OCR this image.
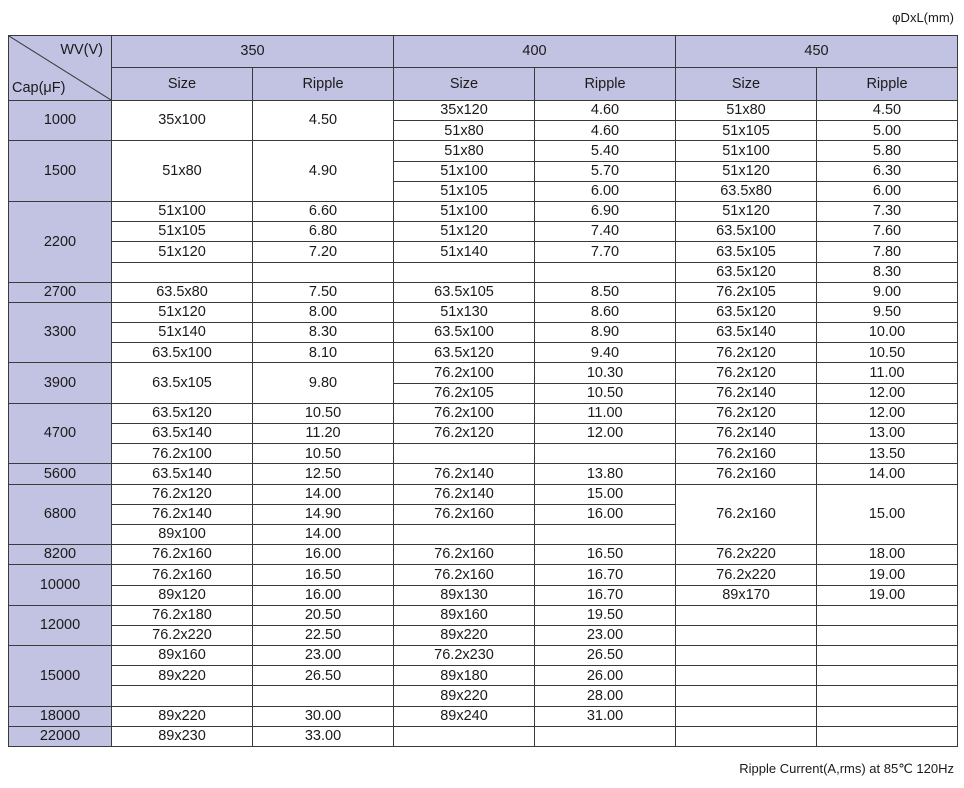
φDxL(mm)
WV(V)
Cap(μF)	350		400		450	
	Size	Ripple	Size	Ripple	Size	Ripple
1000	35x100	4.50	35x120	4.60	51x80	4.50
			51x80	4.60	51x105	5.00
1500	51x80	4.90	51x80	5.40	51x100	5.80
			51x100	5.70	51x120	6.30
			51x105	6.00	63.5x80	6.00
2200	51x100	6.60	51x100	6.90	51x120	7.30
	51x105	6.80	51x120	7.40	63.5x100	7.60
	51x120	7.20	51x140	7.70	63.5x105	7.80
					63.5x120	8.30
2700	63.5x80	7.50	63.5x105	8.50	76.2x105	9.00
3300	51x120	8.00	51x130	8.60	63.5x120	9.50
	51x140	8.30	63.5x100	8.90	63.5x140	10.00
	63.5x100	8.10	63.5x120	9.40	76.2x120	10.50
3900	63.5x105	9.80	76.2x100	10.30	76.2x120	11.00
			76.2x105	10.50	76.2x140	12.00
4700	63.5x120	10.50	76.2x100	11.00	76.2x120	12.00
	63.5x140	11.20	76.2x120	12.00	76.2x140	13.00
	76.2x100	10.50			76.2x160	13.50
5600	63.5x140	12.50	76.2x140	13.80	76.2x160	14.00
6800	76.2x120	14.00	76.2x140	15.00	76.2x160	15.00
	76.2x140	14.90	76.2x160	16.00		
	89x100	14.00				
8200	76.2x160	16.00	76.2x160	16.50	76.2x220	18.00
10000	76.2x160	16.50	76.2x160	16.70	76.2x220	19.00
	89x120	16.00	89x130	16.70	89x170	19.00
12000	76.2x180	20.50	89x160	19.50		
	76.2x220	22.50	89x220	23.00		
15000	89x160	23.00	76.2x230	26.50		
	89x220	26.50	89x180	26.00		
			89x220	28.00		
18000	89x220	30.00	89x240	31.00		
22000	89x230	33.00				
Ripple Current(A,rms) at 85℃ 120Hz
